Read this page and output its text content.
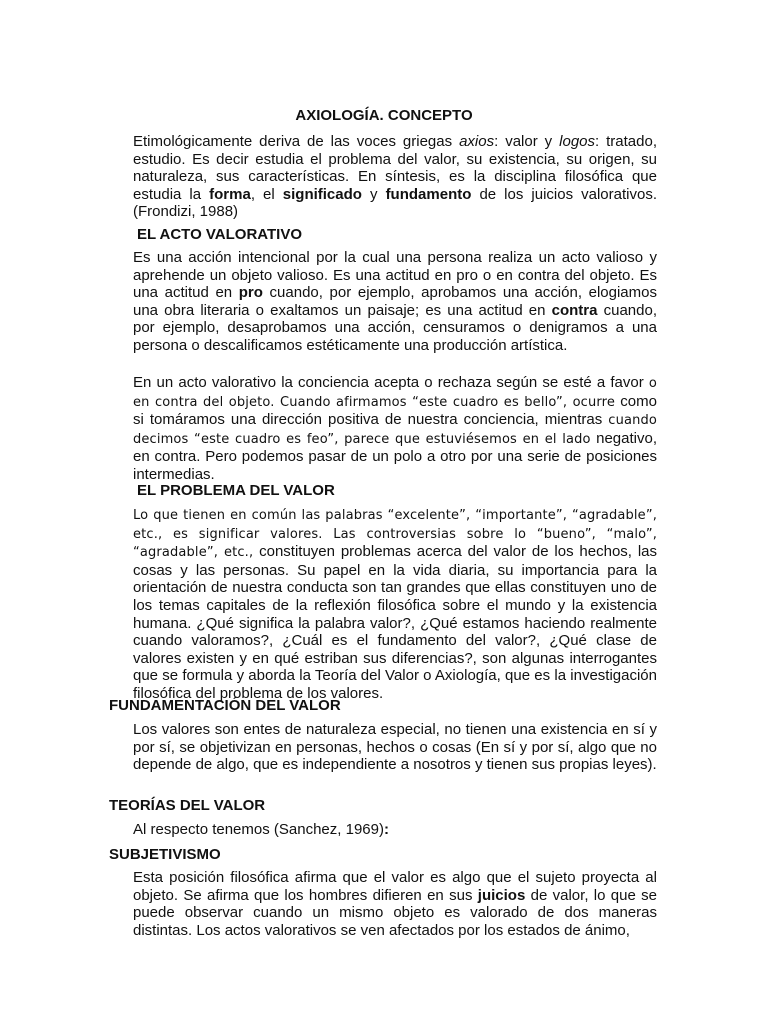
AXIOLOGÍA. CONCEPTO

Etimológicamente deriva de las voces griegas axios: valor y logos: tratado, estudio. Es decir estudia el problema del valor, su existencia, su origen, su naturaleza, sus características. En síntesis, es la disciplina filosófica que estudia la forma, el significado y fundamento de los juicios valorativos. (Frondizi, 1988)

EL ACTO VALORATIVO

Es una acción intencional por la cual una persona realiza un acto valioso y aprehende un objeto valioso. Es una actitud en pro o en contra del objeto. Es una actitud en pro cuando, por ejemplo, aprobamos una acción, elogiamos una obra literaria o exaltamos un paisaje; es una actitud en contra cuando, por ejemplo, desaprobamos una acción, censuramos o denigramos a una persona o descalificamos estéticamente una producción artística.

En un acto valorativo la conciencia acepta o rechaza según se esté a favor o en contra del objeto. Cuando afirmamos “este cuadro es bello”, ocurre como si tomáramos una dirección positiva de nuestra conciencia, mientras cuando decimos “este cuadro es feo”, parece que estuviésemos en el lado negativo, en contra. Pero podemos pasar de un polo a otro por una serie de posiciones intermedias.

EL PROBLEMA DEL VALOR

Lo que tienen en común las palabras “excelente”, “importante”, “agradable”, etc., es significar valores. Las controversias sobre lo “bueno”, “malo”, “agradable”, etc., constituyen problemas acerca del valor de los hechos, las cosas y las personas. Su papel en la vida diaria, su importancia para la orientación de nuestra conducta son tan grandes que ellas constituyen uno de los temas capitales de la reflexión filosófica sobre el mundo y la existencia humana. ¿Qué significa la palabra valor?, ¿Qué estamos haciendo realmente cuando valoramos?, ¿Cuál es el fundamento del valor?, ¿Qué clase de valores existen y en qué estriban sus diferencias?, son algunas interrogantes que se formula y aborda la Teoría del Valor o Axiología, que es la investigación filosófica del problema de los valores.

FUNDAMENTACIÓN DEL VALOR

Los valores son entes de naturaleza especial, no tienen una existencia en sí y por sí, se objetivizan en personas, hechos o cosas (En sí y por sí, algo que no depende de algo, que es independiente a nosotros y tienen sus propias leyes).

TEORÍAS DEL VALOR

Al respecto tenemos (Sanchez, 1969):

SUBJETIVISMO

Esta posición filosófica afirma que el valor es algo que el sujeto proyecta al objeto. Se afirma que los hombres difieren en sus juicios de valor, lo que se puede observar cuando un mismo objeto es valorado de dos maneras distintas. Los actos valorativos se ven afectados por los estados de ánimo,
